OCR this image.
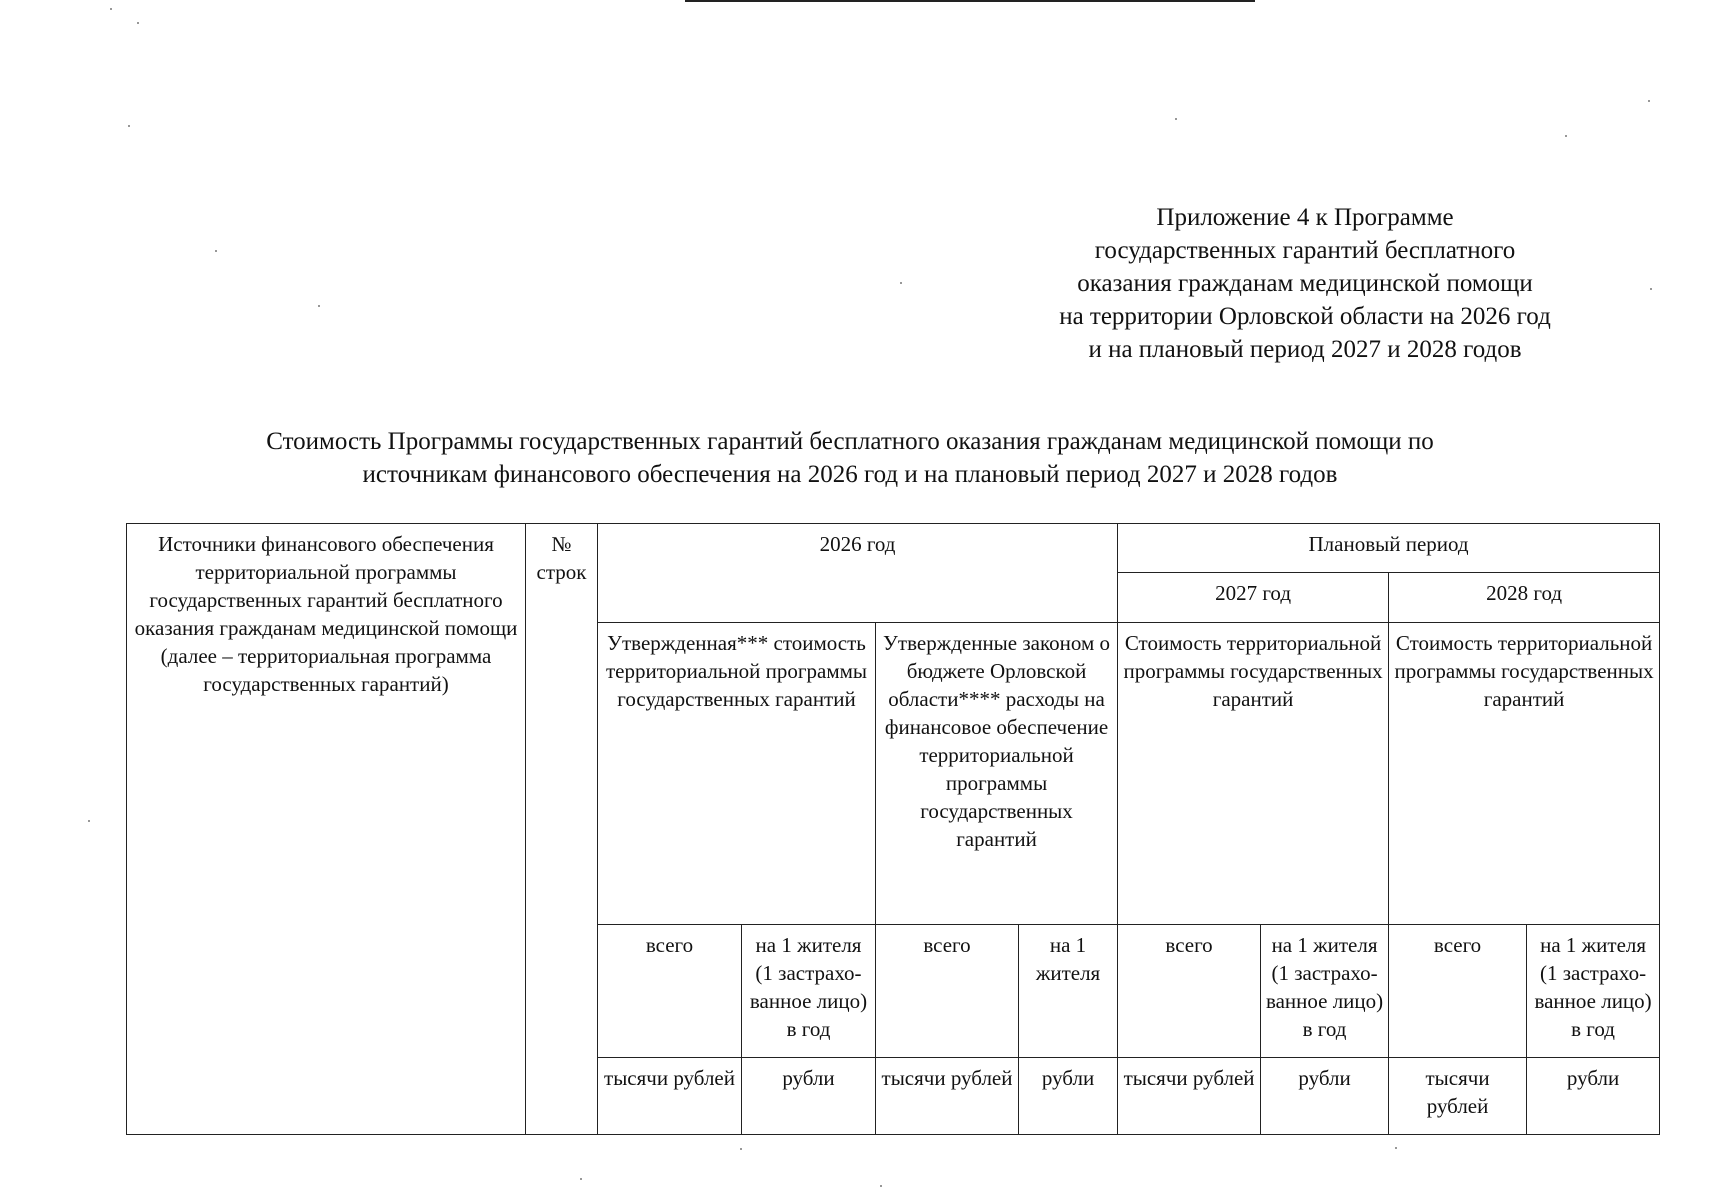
Приложение 4 к Программе
государственных гарантий бесплатного
оказания гражданам медицинской помощи
на территории Орловской области на 2026 год
и на плановый период 2027 и 2028 годов
Стоимость Программы государственных гарантий бесплатного оказания гражданам медицинской помощи по
источникам финансового обеспечения на 2026 год и на плановый период 2027 и 2028 годов
Источники финансового обеспечения территориальной программы государственных гарантий бесплатного оказания гражданам медицинской помощи (далее – территориальная программа государственных гарантий)	№ строк	2026 год				Плановый период			
						2027 год		2028 год	
		Утвержденная*** стоимость территориальной программы государственных гарантий		Утвержденные законом о бюджете Орловской области**** расходы на финансовое обеспечение территориальной программы государственных гарантий		Стоимость территориальной программы государственных гарантий		Стоимость территориальной программы государственных гарантий	
		всего	на 1 жителя (1 застрахо-ванное лицо) в год	всего	на 1 жителя	всего	на 1 жителя (1 застрахо-ванное лицо) в год	всего	на 1 жителя (1 застрахо-ванное лицо) в год
		тысячи рублей	рубли	тысячи рублей	рубли	тысячи рублей	рубли	тысячи рублей	рубли
